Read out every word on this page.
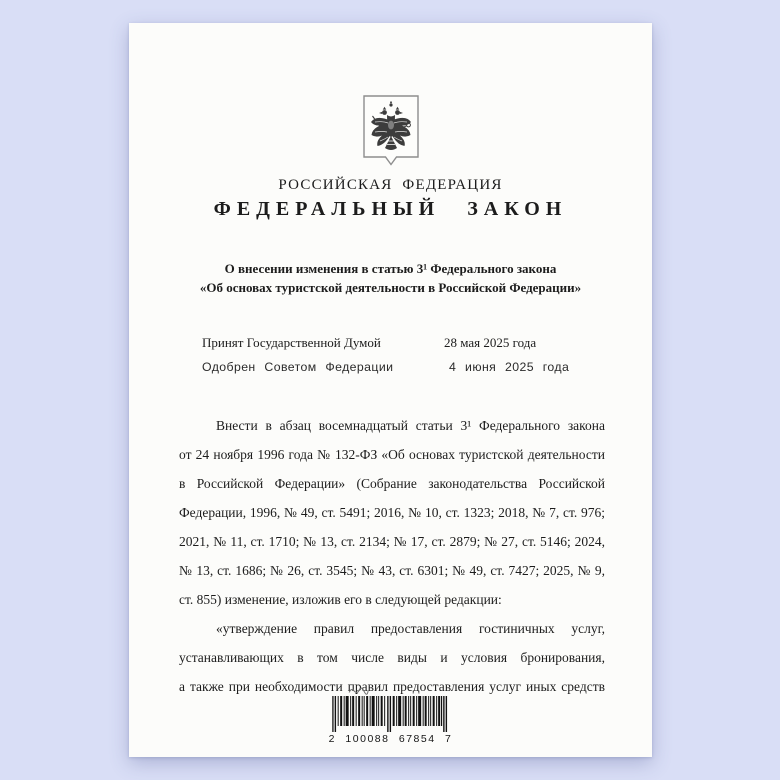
РОССИЙСКАЯ ФЕДЕРАЦИЯ
ФЕДЕРАЛЬНЫЙ ЗАКОН
О внесении изменения в статью 3¹ Федерального закона
«Об основах туристской деятельности в Российской Федерации»
Принят Государственной Думой	28 мая 2025 года
Одобрен Советом Федерации	4 июня 2025 года
Внести в абзац восемнадцатый статьи 3¹ Федерального закона
от 24 ноября 1996 года № 132-ФЗ «Об основах туристской деятельности
в Российской Федерации» (Собрание законодательства Российской
Федерации, 1996, № 49, ст. 5491; 2016, № 10, ст. 1323; 2018, № 7, ст. 976;
2021, № 11, ст. 1710; № 13, ст. 2134; № 17, ст. 2879; № 27, ст. 5146; 2024,
№ 13, ст. 1686; № 26, ст. 3545; № 43, ст. 6301; № 49, ст. 7427; 2025, № 9,
ст. 855) изменение, изложив его в следующей редакции:
«утверждение правил предоставления гостиничных услуг,
устанавливающих в том числе виды и условия бронирования,
а также при необходимости правил предоставления услуг иных средств
2 100088 67854 7
